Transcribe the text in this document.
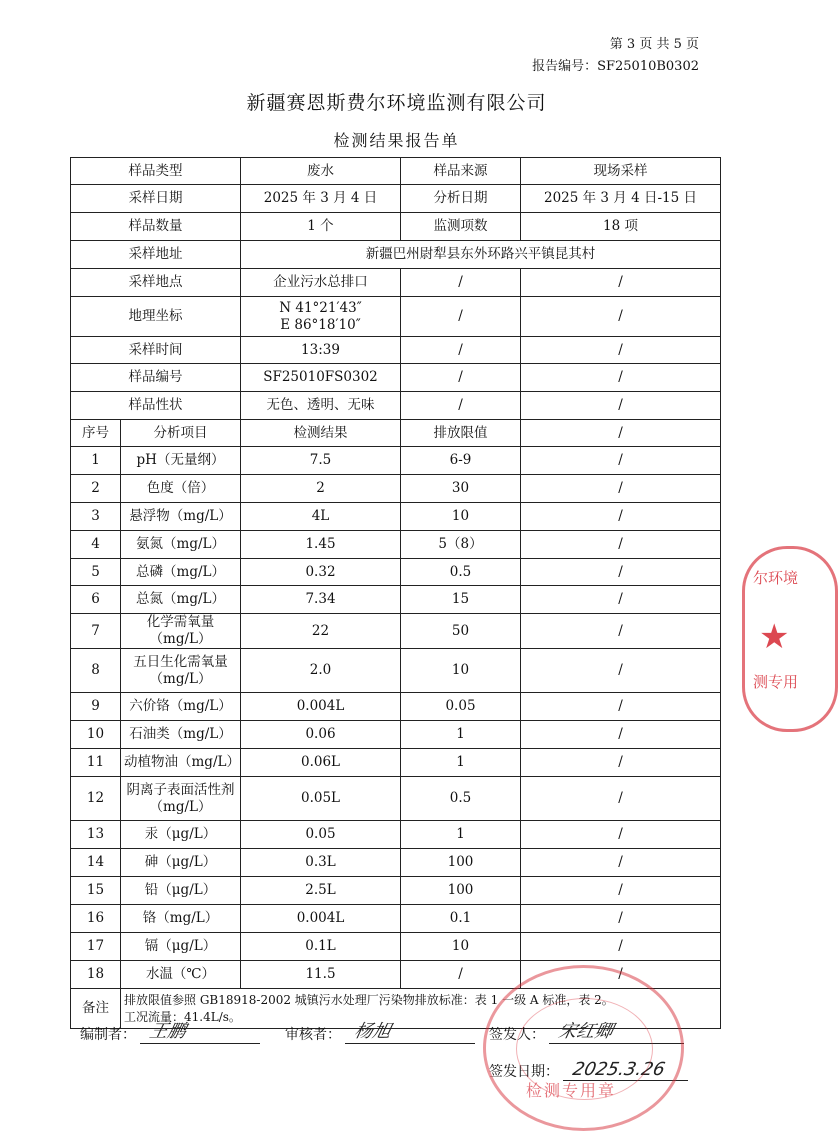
第 3 页 共 5 页
报告编号：SF25010B0302
新疆赛恩斯费尔环境监测有限公司
检测结果报告单
样品类型		废水	样品来源	现场采样
采样日期		2025 年 3 月 4 日	分析日期	2025 年 3 月 4 日-15 日
样品数量		1 个	监测项数	18 项
采样地址		新疆巴州尉犁县东外环路兴平镇昆其村		
采样地点		企业污水总排口	/	/
地理坐标		N 41°21′43″
E 86°18′10″	/	/
采样时间		13:39	/	/
样品编号		SF25010FS0302	/	/
样品性状		无色、透明、无味	/	/
序号	分析项目	检测结果	排放限值	/
1	pH（无量纲）	7.5	6-9	/
2	色度（倍）	2	30	/
3	悬浮物（mg/L）	4L	10	/
4	氨氮（mg/L）	1.45	5（8）	/
5	总磷（mg/L）	0.32	0.5	/
6	总氮（mg/L）	7.34	15	/
7	化学需氧量（mg/L）	22	50	/
8	五日生化需氧量
（mg/L）	2.0	10	/
9	六价铬（mg/L）	0.004L	0.05	/
10	石油类（mg/L）	0.06	1	/
11	动植物油（mg/L）	0.06L	1	/
12	阴离子表面活性剂
（mg/L）	0.05L	0.5	/
13	汞（μg/L）	0.05	1	/
14	砷（μg/L）	0.3L	100	/
15	铅（μg/L）	2.5L	100	/
16	铬（mg/L）	0.004L	0.1	/
17	镉（μg/L）	0.1L	10	/
18	水温（℃）	11.5	/	/
备注	排放限值参照 GB18918-2002 城镇污水处理厂污染物排放标准：表 1 一级 A 标准，表 2。
工况流量：41.4L/s。			
编制者： 王鹏	审核者： 杨旭	签发人： 宋红卿
签发日期： 2025.3.26
检测专用章
尔环境
★
测专用
